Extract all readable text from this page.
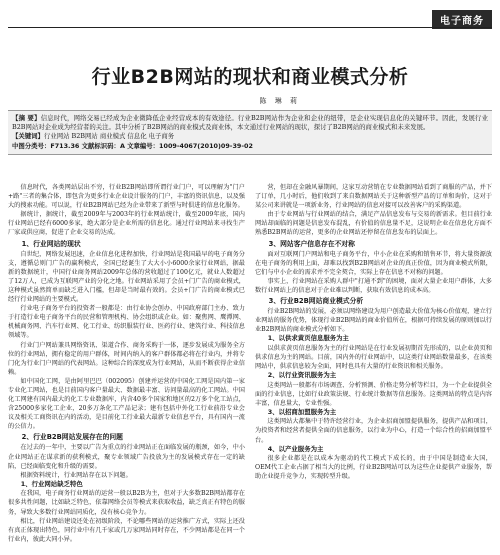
电子商务
行业B2B网站的现状和商业模式分析
陈 琳 莉

【摘 要】信息时代，网络交易已经成为企业微降低企业经营成本的有效途径。行业B2B网站作为企业和企业的纽带，是企业实现信息化的关键环节。因此，发展行业B2B网站对企业成为经营者的关注。其中分析了B2B网站的商业模式及商业体，本文通过行业网站的现状，探讨了B2B网站的商业模式和未来发展。

【关键词】行业网站 B2B网站 商业模式 信息化 电子商务

中图分类号：F713.36 文献标识码：A 文章编号：1009-4067(2010)09-39-02

信息时代，各类网站层出不穷，行业B2B网站即所谓行业门户，可以理解为"门户+路"三者的集合体，即包含为更多行业企业设计服务的门户，丰富的资讯信息，以及强大的搜索功能。可以说，行业B2B网站已经为企业带来了新型与时俱进的信息化服务。

据统计，据统计，截至2009年与2003年的行业网站统计，截至2009年底，国内行业网站已经有6000多家，绝大部分是企业所需的信息化。通过行业网站来寻找生产厂家或供应商，促进了企业交易的达成。

1、行业网站的现状

自世纪，网络发展迅速，企业信息化进程加快，行业网站是我国最早的电子商务分支，遵循总则门广告的赢利模式，全国已经诞生了大大小小6000余家行业网站，据最新的数据统计，中国行业商务网站2009年总体的营收超过了100亿元，就业人数超过了12万人，已成为互联网产业的分化之地。行业网站采用了会员+门广告的商业模式，这种模式虽然简单而缺乏进入门槛，但却是当时最有效的。会员+门广告的商业模式已经行行业网站的主要模式。

行业电子商务平台的投资者一般都是：由行业协会创办、中国政府部门主办、致力于打造行业电子商务平台的民营和管理机构、协会组织或企业。如：聚焦网、鹰潭网、机械商务网、汽车行业网、化工行业、纺织服装行业、医药行业、建筑行业、科技信息领域等。

行业门户网站兼具网络资讯、渠道合作、商务采购于一体，逐步发展成为服务全方位的行业网站，拥有稳定的用户群体，时间内纳入的客户群体都必将在行业内，并将专门化为行业门户网站的代表网站。这种综合的深度成为行业网站，从而不断获得企业信赖。

如中国化工网，是由阿里巴巴（002095）创建并运营的中国化工网是国内第一家专业化工网站，也是目前国内客户量最大、数据最丰富、访问量最高的化工网站。中国化工网建有国内最大的化工专业数据库，内含40多个国家和地区的2万多个化工站点，含25000多家化工企业，20多万条化工产品记录；建有包括中外化工行业前沿专业会议及相关工商资讯在内的活动，是目前化工行业最大最新专业信息平台，具有国内一流的公信力。

2、行业B2B网站发展存在的问题

在过去的一年中，主要以广告为重点的行业网站正在面临发展的瓶颈，如今，中小企业网站正在谋求新的获利模式，聚专业领域广告投放为主的发展模式存在一定的缺陷，已经面临变化和升级的需要。

根据资料统计，行业网站存在以下问题。

1、行业网站缺乏特色

在我国，电子商务行业网站的运营一般以B2B为主，但对于大多数B2B网站都存在很多共性问题，比如缺乏特色，依靠网络会员等模式来获取收益，缺乏真正有特色的服务，导致大多数行业网站同质化，没有核心竞争力。

相比，行业网站建设还处在初级阶段，不论哪些网站的运营推广方式，实际上还没有真正体现出特色，同行业中有几千家或几万家网站同时存在，不少网站都是在同一个行业内，彼此大同小异。

营，但却在金融风暴期间，这家互动营销在专业数据网站看到了商服的产品，并下了订单，几小时后，他们收到了来自数据网站关于这种新型产品的订单和询价，这对于某公司来讲就是一项新业务，行业网站的信息对接可以改善客户的采购渠道。

由于专业网站与行业网站的结合，满足产品信息发布与交易的新需求。但目前行业网站却面临的问题是信息发布混乱，有价值的信息量不足，这说明企业在信息化方面不熟悉B2B网站的运营，更多的企业网站还停留在信息发布的层面上。

3、网站客户信息存在不对称

面对互联网门户网站和电子商务平台，中小企业在采购和销售环节，将大量资源放在电子商务的利用上面，却难以找到B2B网站对企业的真正价值，因为商业模式所限，它们与中小企业的需求并不完全契合，实际上存在信息不对称的问题。

事实上，行业网站在采购人群中"打通不到"的困境，面对大量企业用户群体，大多数行业网站上的信息对于企业难以判断，获取有效信息的成本高。

3、行业B2B网站商业模式分析

行业B2B网站的发展，必须以网络建设为用户创造最大价值为核心价值观，建立行业网站的服务优势，体现行业B2B网站的商业价值所在，根据可持续发展的原则加以行业B2B网站的商业模式分析如下。

1、以供求黄页信息服务为主

以供求黄页信息服务为主的行业网站是在行业发展初期首先形成的，以企业黄页和供求信息为主的网站。目前，国内外的行业网站中，以这类行业网站数量最多，在该类网站中，供求信息较为全面，同时也具有大量的行业资讯和相关服务。

2、以行业资讯服务为主

这类网站一般都有市场调查、分析预测、价格走势分析等栏目，为一个企业提供全面的行业信息，比如行业政策法规、行业统计数据等信息服务。这类网站的特点是内容丰富，信息量大，专业性强。

3、以招商加盟服务为主

这类网站大都集中于特许经营行业，为企业招商加盟提供服务，提供产品和项目，为投资者和经营者提供全面的信息服务，以行业为中心，打造一个综合性的招商加盟平台。

4、以产业服务为主

很多企业都是在以成本为驱动的代工模式下成长的，由于中国是制造业大国，OEM代工企业占据了相当大的比例，行业B2B网站可以为这些企业提供产业服务，帮助企业提升竞争力，实现转型升级。
